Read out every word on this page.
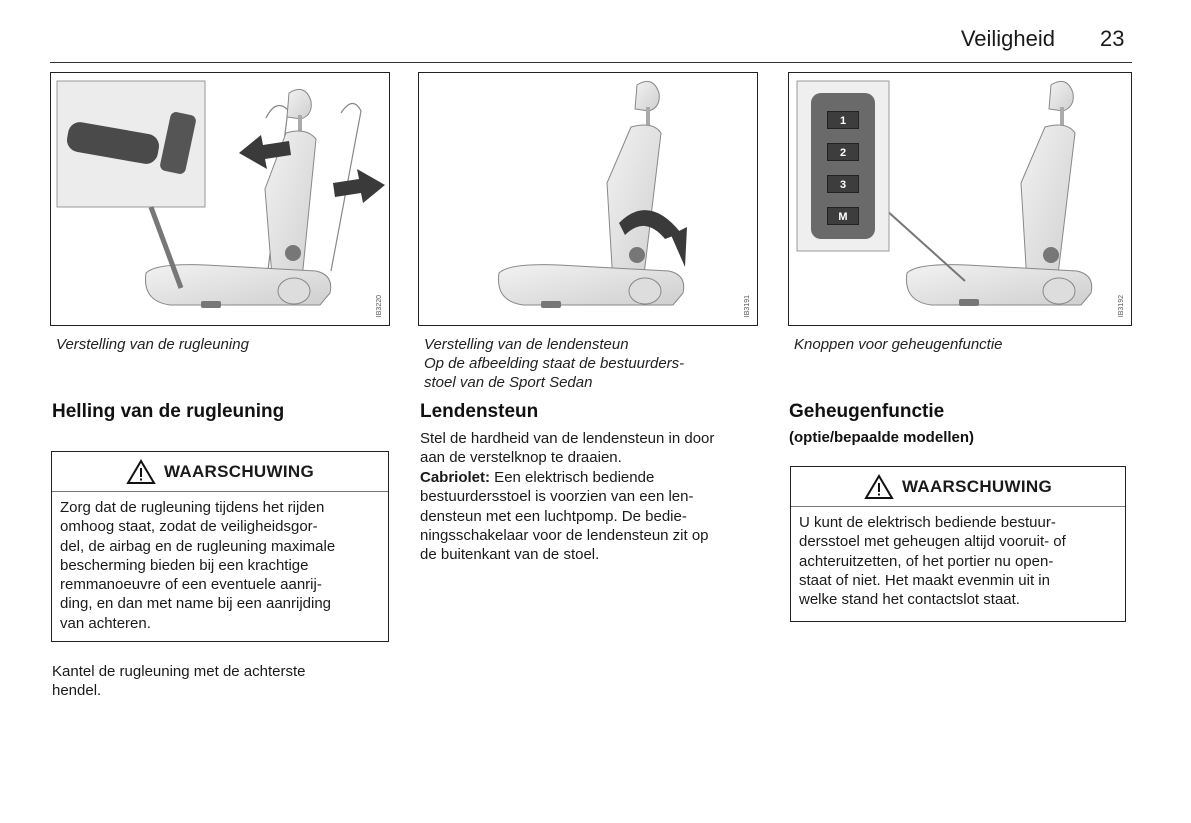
Veiligheid 23
IB3220	IB3191
1
2
3
M
IB3192
Verstelling van de rugleuning	Verstelling van de lendensteun
Op de afbeelding staat de bestuurders-
stoel van de Sport Sedan
Knoppen voor geheugenfunctie
Helling van de rugleuning
WAARSCHUWING
Zorg dat de rugleuning tijdens het rijden
omhoog staat, zodat de veiligheidsgor-
del, de airbag en de rugleuning maximale
bescherming bieden bij een krachtige
remmanoeuvre of een eventuele aanrij-
ding, en dan met name bij een aanrijding
van achteren.
Kantel de rugleuning met de achterste
hendel.
Lendensteun
Stel de hardheid van de lendensteun in door
aan de verstelknop te draaien.
Cabriolet: Een elektrisch bediende
bestuurdersstoel is voorzien van een len-
densteun met een luchtpomp. De bedie-
ningsschakelaar voor de lendensteun zit op
de buitenkant van de stoel.
Geheugenfunctie
(optie/bepaalde modellen)
WAARSCHUWING
U kunt de elektrisch bediende bestuur-
dersstoel met geheugen altijd vooruit- of
achteruitzetten, of het portier nu open-
staat of niet. Het maakt evenmin uit in
welke stand het contactslot staat.
